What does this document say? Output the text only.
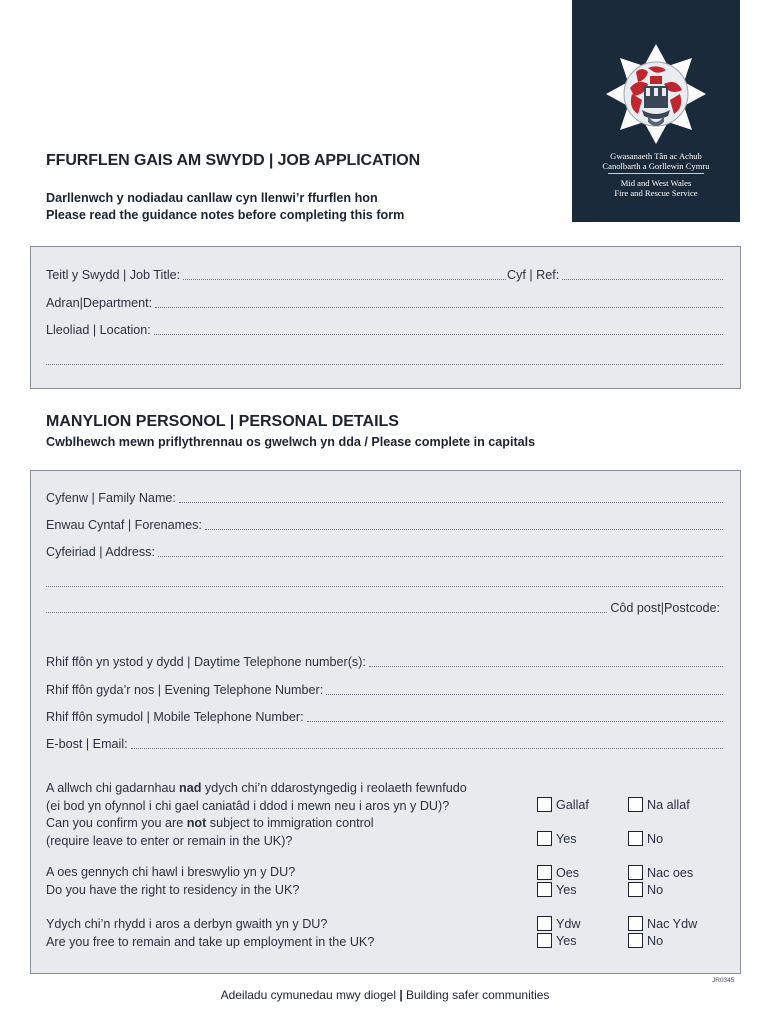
Gwasanaeth Tân ac Achub
Canolbarth a Gorllewin Cymru
Mid and West Wales
Fire and Rescue Service
FFURFLEN GAIS AM SWYDD | JOB APPLICATION
Darllenwch y nodiadau canllaw cyn llenwi’r ffurflen hon
Please read the guidance notes before completing this form
Teitl y Swydd | Job Title:	Cyf | Ref:
Adran|Department:
Lleoliad | Location:
MANYLION PERSONOL | PERSONAL DETAILS
Cwblhewch mewn priflythrennau os gwelwch yn dda / Please complete in capitals
Cyfenw | Family Name:
Enwau Cyntaf | Forenames:
Cyfeiriad | Address:
Côd post|Postcode:
Rhif ffôn yn ystod y dydd | Daytime Telephone number(s):
Rhif ffôn gyda’r nos | Evening Telephone Number:
Rhif ffôn symudol | Mobile Telephone Number:
E-bost | Email:
A allwch chi gadarnhau nad ydych chi’n ddarostyngedig i reolaeth fewnfudo
(ei bod yn ofynnol i chi gael caniatâd i ddod i mewn neu i aros yn y DU)?
Can you confirm you are not subject to immigration control
(require leave to enter or remain in the UK)?
Gallaf	Na allaf
Yes	No
A oes gennych chi hawl i breswylio yn y DU?
Do you have the right to residency in the UK?
Oes	Nac oes
Yes	No
Ydych chi’n rhydd i aros a derbyn gwaith yn y DU?
Are you free to remain and take up employment in the UK?
Ydw	Nac Ydw
Yes	No
JR0345
Adeiladu cymunedau mwy diogel | Building safer communities
